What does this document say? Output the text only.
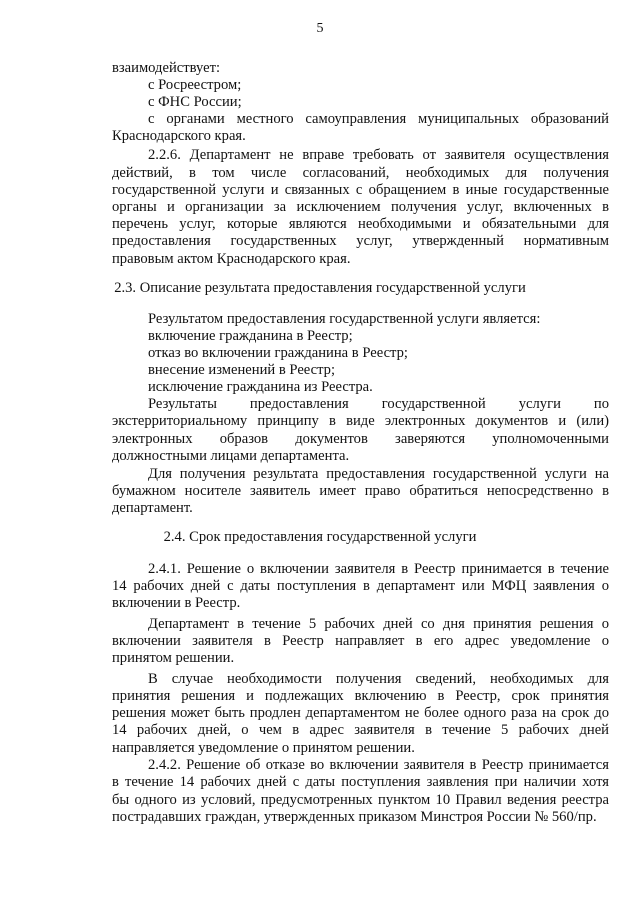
5
взаимодействует:
с Росреестром;
с ФНС России;
с органами местного самоуправления муниципальных образований
Краснодарского края.
2.2.6. Департамент не вправе требовать от заявителя осуществления
действий, в том числе согласований, необходимых для получения
государственной услуги и связанных с обращением в иные государственные
органы и организации за исключением получения услуг, включенных в
перечень услуг, которые являются необходимыми и обязательными для
предоставления государственных услуг, утвержденный нормативным
правовым актом Краснодарского края.
2.3. Описание результата предоставления государственной услуги
Результатом предоставления государственной услуги является:
включение гражданина в Реестр;
отказ во включении гражданина в Реестр;
внесение изменений в Реестр;
исключение гражданина из Реестра.
Результаты предоставления государственной услуги по
экстерриториальному принципу в виде электронных документов и (или)
электронных образов документов заверяются уполномоченными
должностными лицами департамента.
Для получения результата предоставления государственной услуги на
бумажном носителе заявитель имеет право обратиться непосредственно в
департамент.
2.4. Срок предоставления государственной услуги
2.4.1. Решение о включении заявителя в Реестр принимается в течение
14 рабочих дней с даты поступления в департамент или МФЦ заявления о
включении в Реестр.
Департамент в течение 5 рабочих дней со дня принятия решения о
включении заявителя в Реестр направляет в его адрес уведомление о
принятом решении.
В случае необходимости получения сведений, необходимых для
принятия решения и подлежащих включению в Реестр, срок принятия
решения может быть продлен департаментом не более одного раза на срок до
14 рабочих дней, о чем в адрес заявителя в течение 5 рабочих дней
направляется уведомление о принятом решении.
2.4.2. Решение об отказе во включении заявителя в Реестр принимается
в течение 14 рабочих дней с даты поступления заявления при наличии хотя
бы одного из условий, предусмотренных пунктом 10 Правил ведения реестра
пострадавших граждан, утвержденных приказом Минстроя России № 560/пр.
